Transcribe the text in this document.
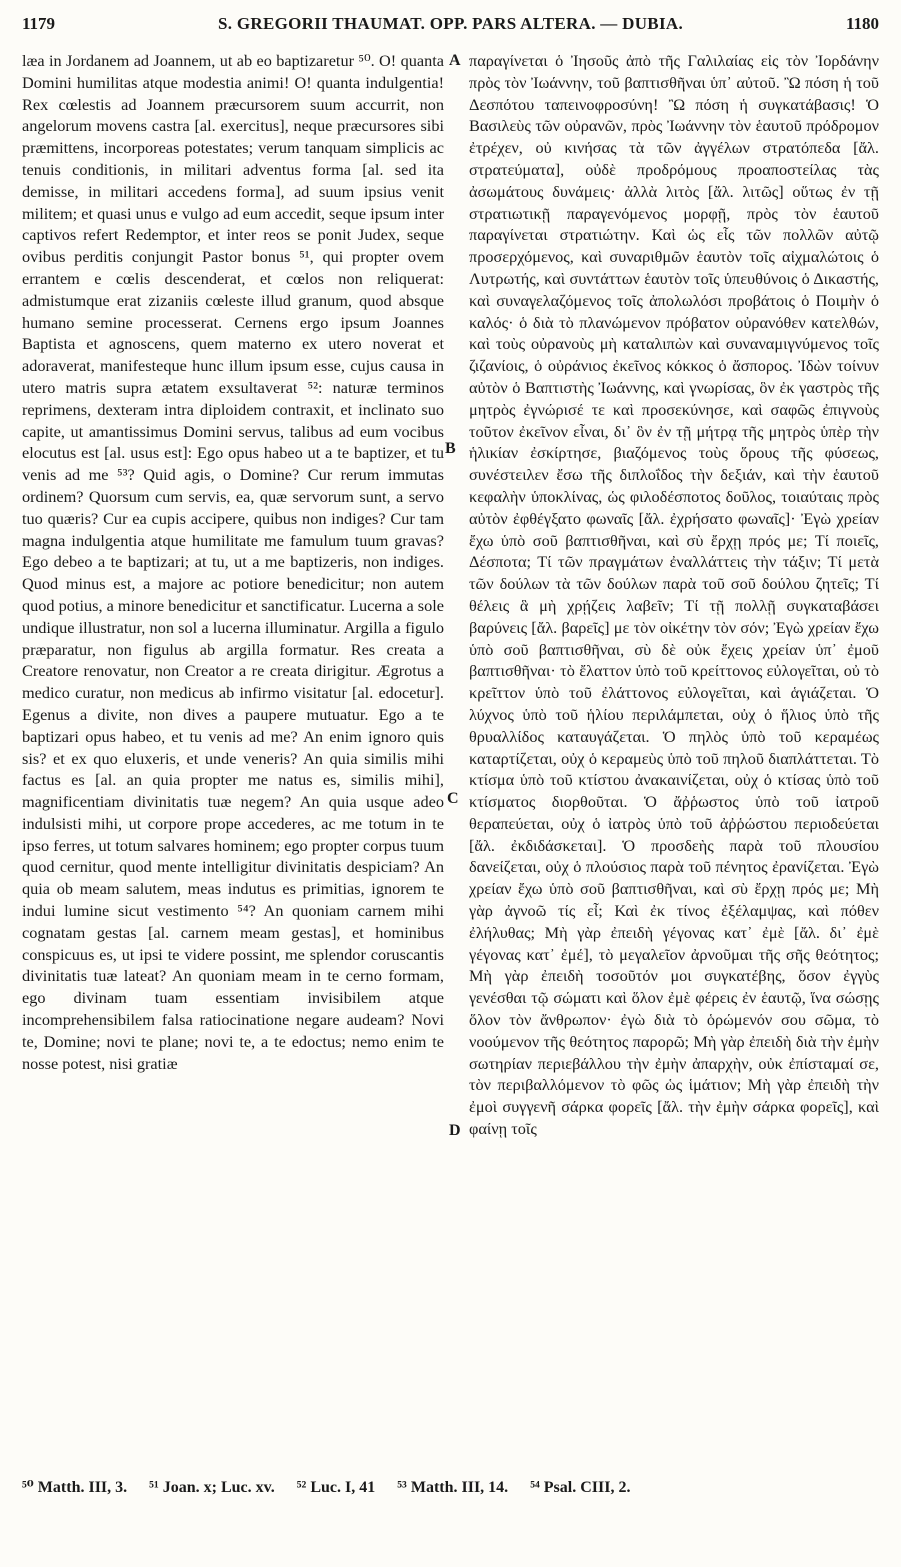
1179	S. GREGORII THAUMAT. OPP. PARS ALTERA. — DUBIA.	1180

læa in Jordanem ad Joannem, ut ab eo baptizaretur ⁵⁰. O! quanta Domini humilitas atque modestia animi! O! quanta indulgentia! Rex cœlestis ad Joannem præcursorem suum accurrit, non angelorum movens castra [al. exercitus], neque præcursores sibi præmittens, incorporeas potestates; verum tanquam simplicis ac tenuis conditionis, in militari adventus forma [al. sed ita demisse, in militari accedens forma], ad suum ipsius venit militem; et quasi unus e vulgo ad eum accedit, seque ipsum inter captivos refert Redemptor, et inter reos se ponit Judex, seque ovibus perditis conjungit Pastor bonus ⁵¹, qui propter ovem errantem e cœlis descenderat, et cœlos non reliquerat: admistumque erat zizaniis cœleste illud granum, quod absque humano semine processerat. Cernens ergo ipsum Joannes Baptista et agnoscens, quem materno ex utero noverat et adoraverat, manifesteque hunc illum ipsum esse, cujus causa in utero matris supra ætatem exsultaverat ⁵²: naturæ terminos reprimens, dexteram intra diploidem contraxit, et inclinato suo capite, ut amantissimus Domini servus, talibus ad eum vocibus elocutus est [al. usus est]: Ego opus habeo ut a te baptizer, et tu venis ad me ⁵³? Quid agis, o Domine? Cur rerum immutas ordinem? Quorsum cum servis, ea, quæ servorum sunt, a servo tuo quæris? Cur ea cupis accipere, quibus non indiges? Cur tam magna indulgentia atque humilitate me famulum tuum gravas? Ego debeo a te baptizari; at tu, ut a me baptizeris, non indiges. Quod minus est, a majore ac potiore benedicitur; non autem quod potius, a minore benedicitur et sanctificatur. Lucerna a sole undique illustratur, non sol a lucerna illuminatur. Argilla a figulo præparatur, non figulus ab argilla formatur. Res creata a Creatore renovatur, non Creator a re creata dirigitur. Ægrotus a medico curatur, non medicus ab infirmo visitatur [al. edocetur]. Egenus a divite, non dives a paupere mutuatur. Ego a te baptizari opus habeo, et tu venis ad me? An enim ignoro quis sis? et ex quo eluxeris, et unde veneris? An quia similis mihi factus es [al. an quia propter me natus es, similis mihi], magnificentiam divinitatis tuæ negem? An quia usque adeo indulsisti mihi, ut corpore prope accederes, ac me totum in te ipso ferres, ut totum salvares hominem; ego propter corpus tuum quod cernitur, quod mente intelligitur divinitatis despiciam? An quia ob meam salutem, meas indutus es primitias, ignorem te indui lumine sicut vestimento ⁵⁴? An quoniam carnem mihi cognatam gestas [al. carnem meam gestas], et hominibus conspicuus es, ut ipsi te videre possint, me splendor coruscantis divinitatis tuæ lateat? An quoniam meam in te cerno formam, ego divinam tuam essentiam invisibilem atque incomprehensibilem falsa ratiocinatione negare audeam? Novi te, Domine; novi te plane; novi te, a te edoctus; nemo enim te nosse potest, nisi gratiæ

A
B
C
D

παραγίνεται ὁ Ἰησοῦς ἀπὸ τῆς Γαλιλαίας εἰς τὸν Ἰορδάνην πρὸς τὸν Ἰωάννην, τοῦ βαπτισθῆναι ὑπ᾽ αὐτοῦ. Ὢ πόση ἡ τοῦ Δεσπότου ταπεινοφροσύνη! Ὢ πόση ἡ συγκατάβασις! Ὁ Βασιλεὺς τῶν οὐρανῶν, πρὸς Ἰωάννην τὸν ἑαυτοῦ πρόδρομον ἐτρέχεν, οὐ κινήσας τὰ τῶν ἀγγέλων στρατόπεδα [ἄλ. στρατεύματα], οὐδὲ προδρόμους προαποστείλας τὰς ἀσωμάτους δυνάμεις· ἀλλὰ λιτὸς [ἄλ. λιτῶς] οὕτως ἐν τῇ στρατιωτικῇ παραγενόμενος μορφῇ, πρὸς τὸν ἑαυτοῦ παραγίνεται στρατιώτην. Καὶ ὡς εἷς τῶν πολλῶν αὐτῷ προσερχόμενος, καὶ συναριθμῶν ἑαυτὸν τοῖς αἰχμαλώτοις ὁ Λυτρωτής, καὶ συντάττων ἑαυτὸν τοῖς ὑπευθύνοις ὁ Δικαστής, καὶ συναγελαζόμενος τοῖς ἀπολωλόσι προβάτοις ὁ Ποιμὴν ὁ καλός· ὁ διὰ τὸ πλανώμενον πρόβατον οὐρανόθεν κατελθών, καὶ τοὺς οὐρανοὺς μὴ καταλιπὼν καὶ συναναμιγνύμενος τοῖς ζιζανίοις, ὁ οὐράνιος ἐκεῖνος κόκκος ὁ ἄσπορος. Ἰδὼν τοίνυν αὐτὸν ὁ Βαπτιστὴς Ἰωάννης, καὶ γνωρίσας, ὃν ἐκ γαστρὸς τῆς μητρὸς ἐγνώρισέ τε καὶ προσεκύνησε, καὶ σαφῶς ἐπιγνοὺς τοῦτον ἐκεῖνον εἶναι, δι᾽ ὃν ἐν τῇ μήτρᾳ τῆς μητρὸς ὑπὲρ τὴν ἡλικίαν ἐσκίρτησε, βιαζόμενος τοὺς ὅρους τῆς φύσεως, συνέστειλεν ἔσω τῆς διπλοΐδος τὴν δεξιάν, καὶ τὴν ἑαυτοῦ κεφαλὴν ὑποκλίνας, ὡς φιλοδέσποτος δοῦλος, τοιαύταις πρὸς αὐτὸν ἐφθέγξατο φωναῖς [ἄλ. ἐχρήσατο φωναῖς]· Ἐγὼ χρείαν ἔχω ὑπὸ σοῦ βαπτισθῆναι, καὶ σὺ ἔρχῃ πρός με; Τί ποιεῖς, Δέσποτα; Τί τῶν πραγμάτων ἐναλλάττεις τὴν τάξιν; Τί μετὰ τῶν δούλων τὰ τῶν δούλων παρὰ τοῦ σοῦ δούλου ζητεῖς; Τί θέλεις ἃ μὴ χρῄζεις λαβεῖν; Τί τῇ πολλῇ συγκαταβάσει βαρύνεις [ἄλ. βαρεῖς] με τὸν οἰκέτην τὸν σόν; Ἐγὼ χρείαν ἔχω ὑπὸ σοῦ βαπτισθῆναι, σὺ δὲ οὐκ ἔχεις χρείαν ὑπ᾽ ἐμοῦ βαπτισθῆναι· τὸ ἔλαττον ὑπὸ τοῦ κρείττονος εὐλογεῖται, οὐ τὸ κρεῖττον ὑπὸ τοῦ ἐλάττονος εὐλογεῖται, καὶ ἁγιάζεται. Ὁ λύχνος ὑπὸ τοῦ ἡλίου περιλάμπεται, οὐχ ὁ ἥλιος ὑπὸ τῆς θρυαλλίδος καταυγάζεται. Ὁ πηλὸς ὑπὸ τοῦ κεραμέως καταρτίζεται, οὐχ ὁ κεραμεὺς ὑπὸ τοῦ πηλοῦ διαπλάττεται. Τὸ κτίσμα ὑπὸ τοῦ κτίστου ἀνακαινίζεται, οὐχ ὁ κτίσας ὑπὸ τοῦ κτίσματος διορθοῦται. Ὁ ἄῤῥωστος ὑπὸ τοῦ ἰατροῦ θεραπεύεται, οὐχ ὁ ἰατρὸς ὑπὸ τοῦ ἀῤῥώστου περιοδεύεται [ἄλ. ἐκδιδάσκεται]. Ὁ προσδεὴς παρὰ τοῦ πλουσίου δανείζεται, οὐχ ὁ πλούσιος παρὰ τοῦ πένητος ἐρανίζεται. Ἐγὼ χρείαν ἔχω ὑπὸ σοῦ βαπτισθῆναι, καὶ σὺ ἔρχῃ πρός με; Μὴ γὰρ ἀγνοῶ τίς εἶ; Καὶ ἐκ τίνος ἐξέλαμψας, καὶ πόθεν ἐλήλυθας; Μὴ γὰρ ἐπειδὴ γέγονας κατ᾽ ἐμὲ [ἄλ. δι᾽ ἐμὲ γέγονας κατ᾽ ἐμέ], τὸ μεγαλεῖον ἀρνοῦμαι τῆς σῆς θεότητος; Μὴ γὰρ ἐπειδὴ τοσοῦτόν μοι συγκατέβης, ὅσον ἐγγὺς γενέσθαι τῷ σώματι καὶ ὅλον ἐμὲ φέρεις ἐν ἑαυτῷ, ἵνα σώσῃς ὅλον τὸν ἄνθρωπον· ἐγὼ διὰ τὸ ὁρώμενόν σου σῶμα, τὸ νοούμενον τῆς θεότητος παρορῶ; Μὴ γὰρ ἐπειδὴ διὰ τὴν ἐμὴν σωτηρίαν περιεβάλλου τὴν ἐμὴν ἀπαρχὴν, οὐκ ἐπίσταμαί σε, τὸν περιβαλλόμενον τὸ φῶς ὡς ἱμάτιον; Μὴ γὰρ ἐπειδὴ τὴν ἐμοὶ συγγενῆ σάρκα φορεῖς [ἄλ. τὴν ἐμὴν σάρκα φορεῖς], καὶ φαίνῃ τοῖς

⁵⁰ Matth. III, 3. ⁵¹ Joan. x; Luc. xv. ⁵² Luc. I, 41 ⁵³ Matth. III, 14. ⁵⁴ Psal. CIII, 2.
